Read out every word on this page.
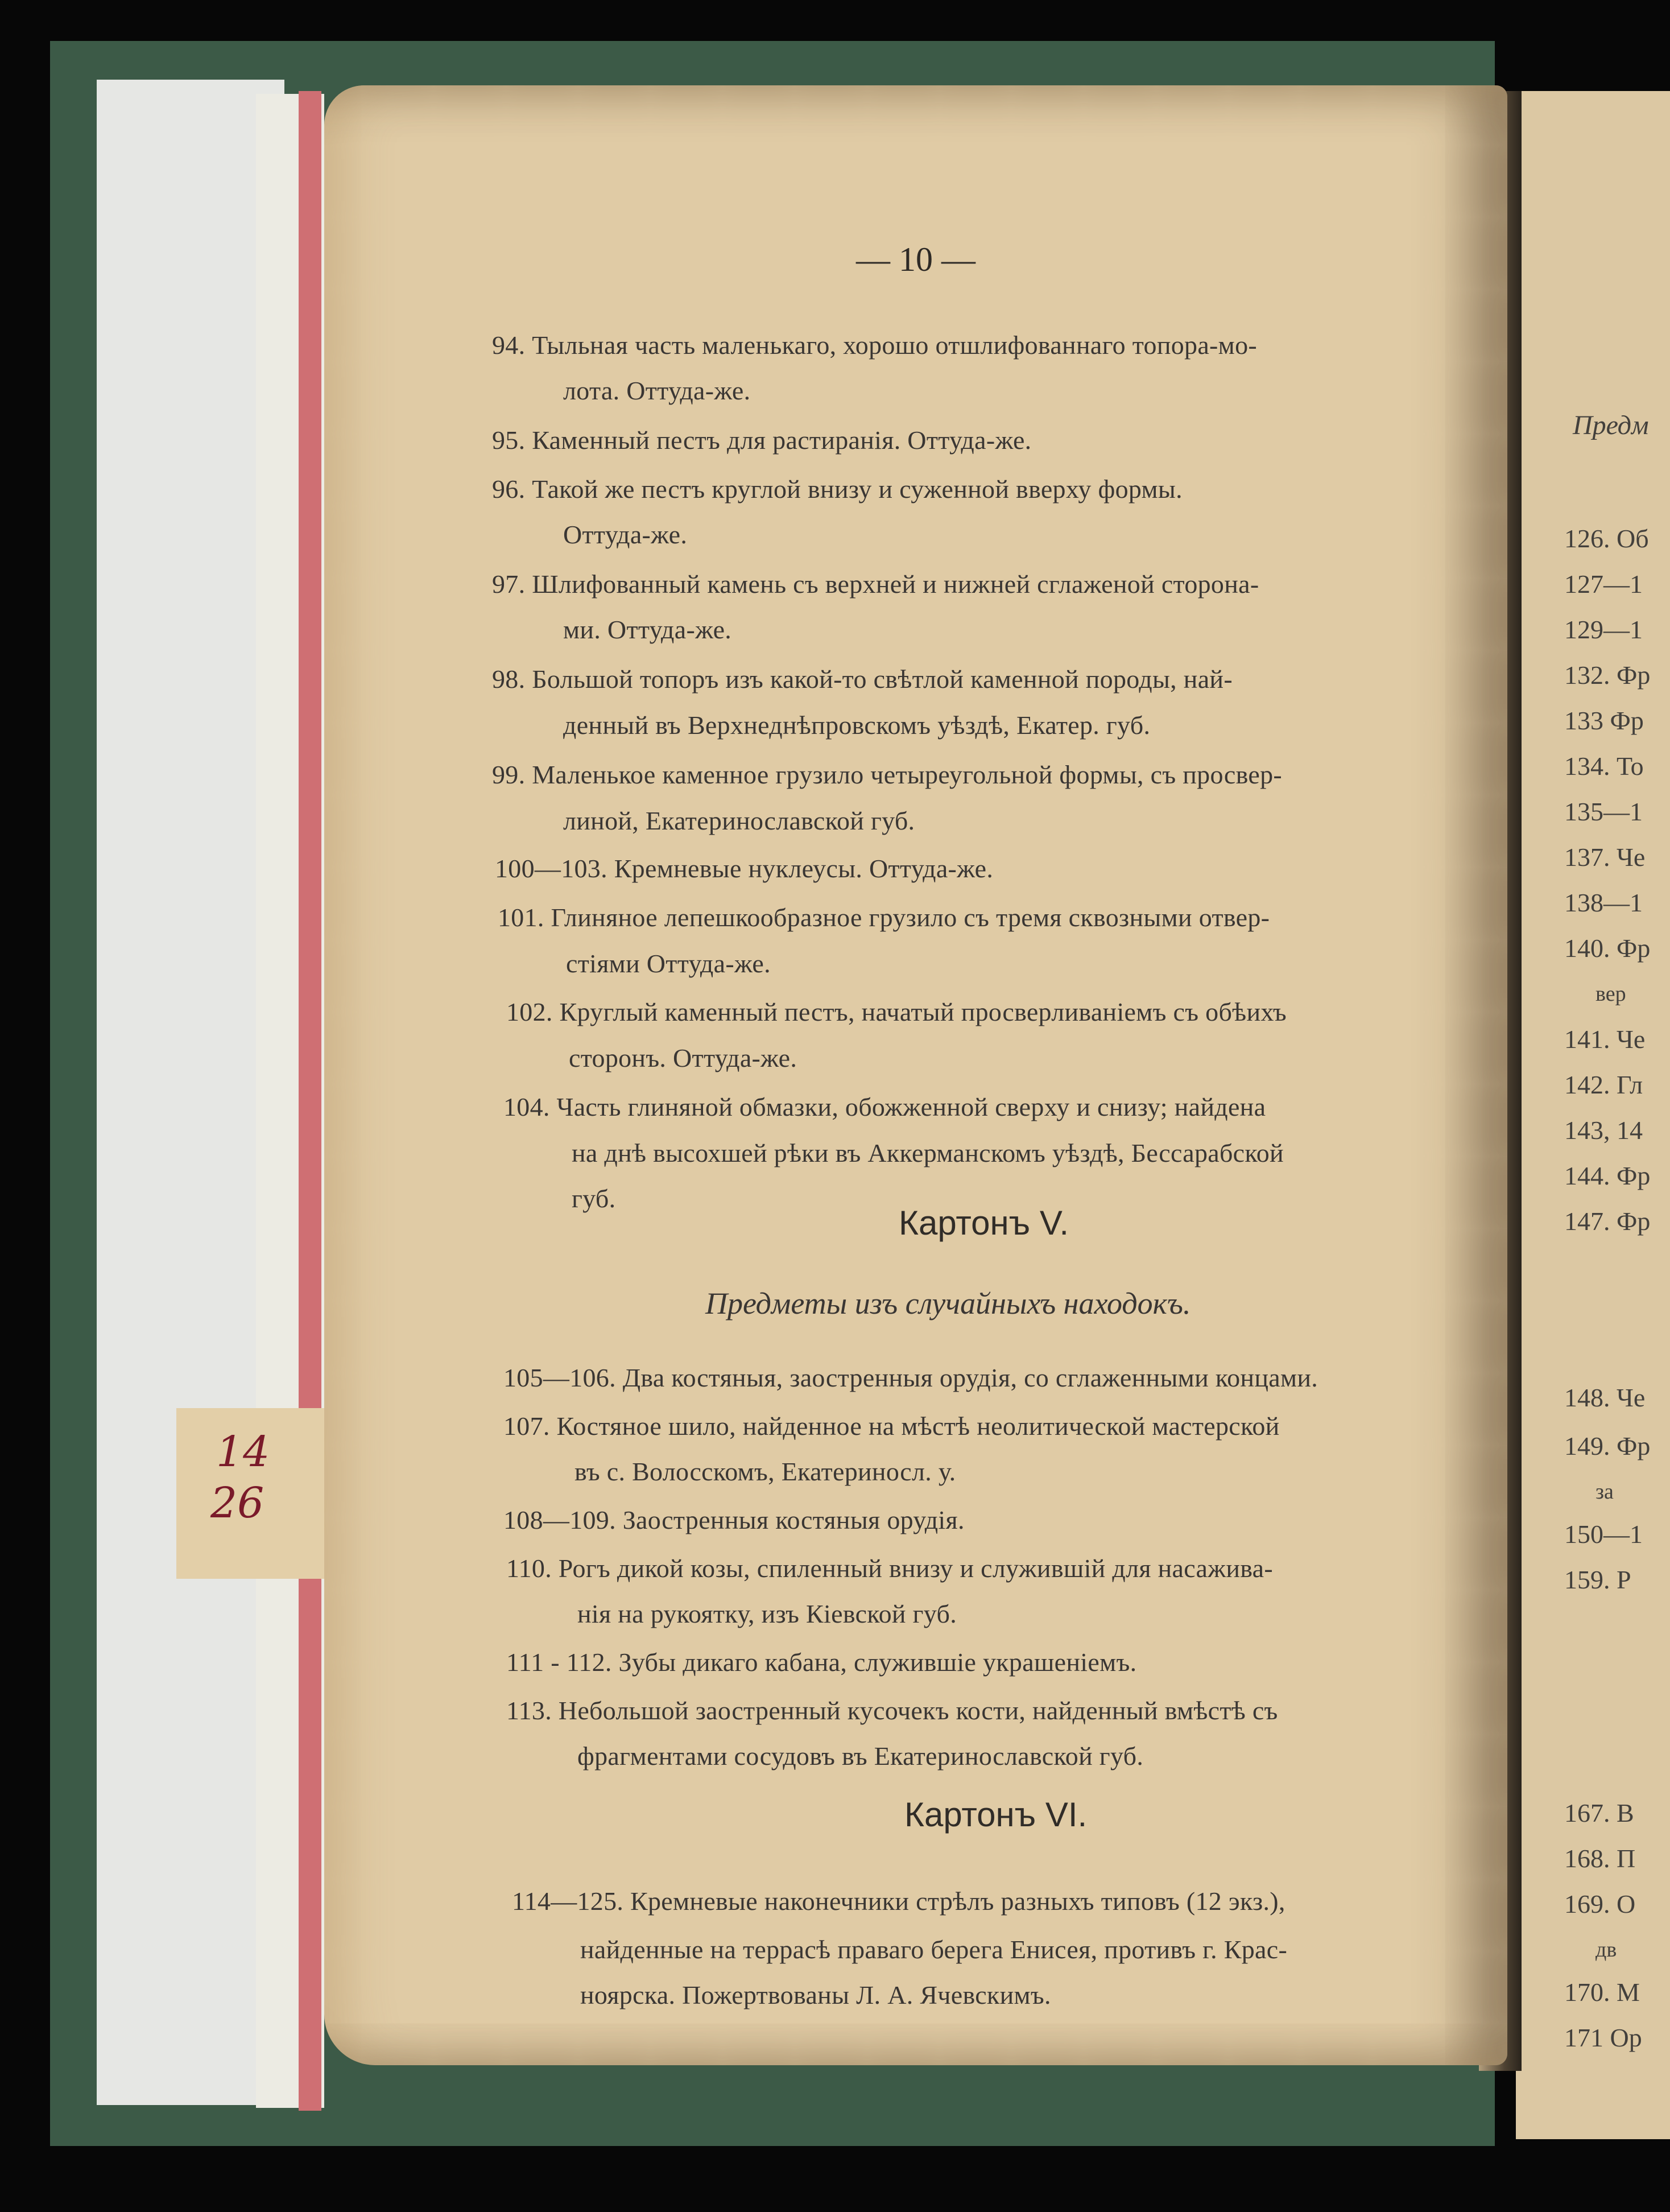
14
26
Предм
126. Об
127—1
129—1
132. Фр
133 Фр
134. То
135—1
137. Че
138—1
140. Фр
вер
141. Че
142. Гл
143, 14
144. Фр
147. Фр
148. Че
149. Фр
за
150—1
159. Р
167. В
168. П
169. О
дв
170. М
171 Ор
— 10 —
94. Тыльная часть маленькаго, хорошо отшлифованнаго топора-мо-
лота. Оттуда-же.
95. Каменный пестъ для растиранія. Оттуда-же.
96. Такой же пестъ круглой внизу и суженной вверху формы.
Оттуда-же.
97. Шлифованный камень съ верхней и нижней сглаженой сторона-
ми. Оттуда-же.
98. Большой топоръ изъ какой-то свѣтлой каменной породы, най-
денный въ Верхнеднѣпровскомъ уѣздѣ, Екатер. губ.
99. Маленькое каменное грузило четыреугольной формы, съ просвер-
линой, Екатеринославской губ.
100—103. Кремневые нуклеусы. Оттуда-же.
101. Глиняное лепешкообразное грузило съ тремя сквозными отвер-
стіями Оттуда-же.
102. Круглый каменный пестъ, начатый просверливаніемъ съ обѣихъ
сторонъ. Оттуда-же.
104. Часть глиняной обмазки, обожженной сверху и снизу; найдена
на днѣ высохшей рѣки въ Аккерманскомъ уѣздѣ, Бессарабской
губ.
Картонъ V.
Предметы изъ случайныхъ находокъ.
105—106. Два костяныя, заостренныя орудія, со сглаженными концами.
107. Костяное шило, найденное на мѣстѣ неолитической мастерской
въ с. Волосскомъ, Екатериносл. у.
108—109. Заостренныя костяныя орудія.
110. Рогъ дикой козы, спиленный внизу и служившій для насажива-
нія на рукоятку, изъ Кіевской губ.
111 - 112. Зубы дикаго кабана, служившіе украшеніемъ.
113. Небольшой заостренный кусочекъ кости, найденный вмѣстѣ съ
фрагментами сосудовъ въ Екатеринославской губ.
Картонъ VI.
114—125. Кремневые наконечники стрѣлъ разныхъ типовъ (12 экз.),
найденные на террасѣ праваго берега Енисея, противъ г. Крас-
ноярска. Пожертвованы Л. А. Ячевскимъ.
